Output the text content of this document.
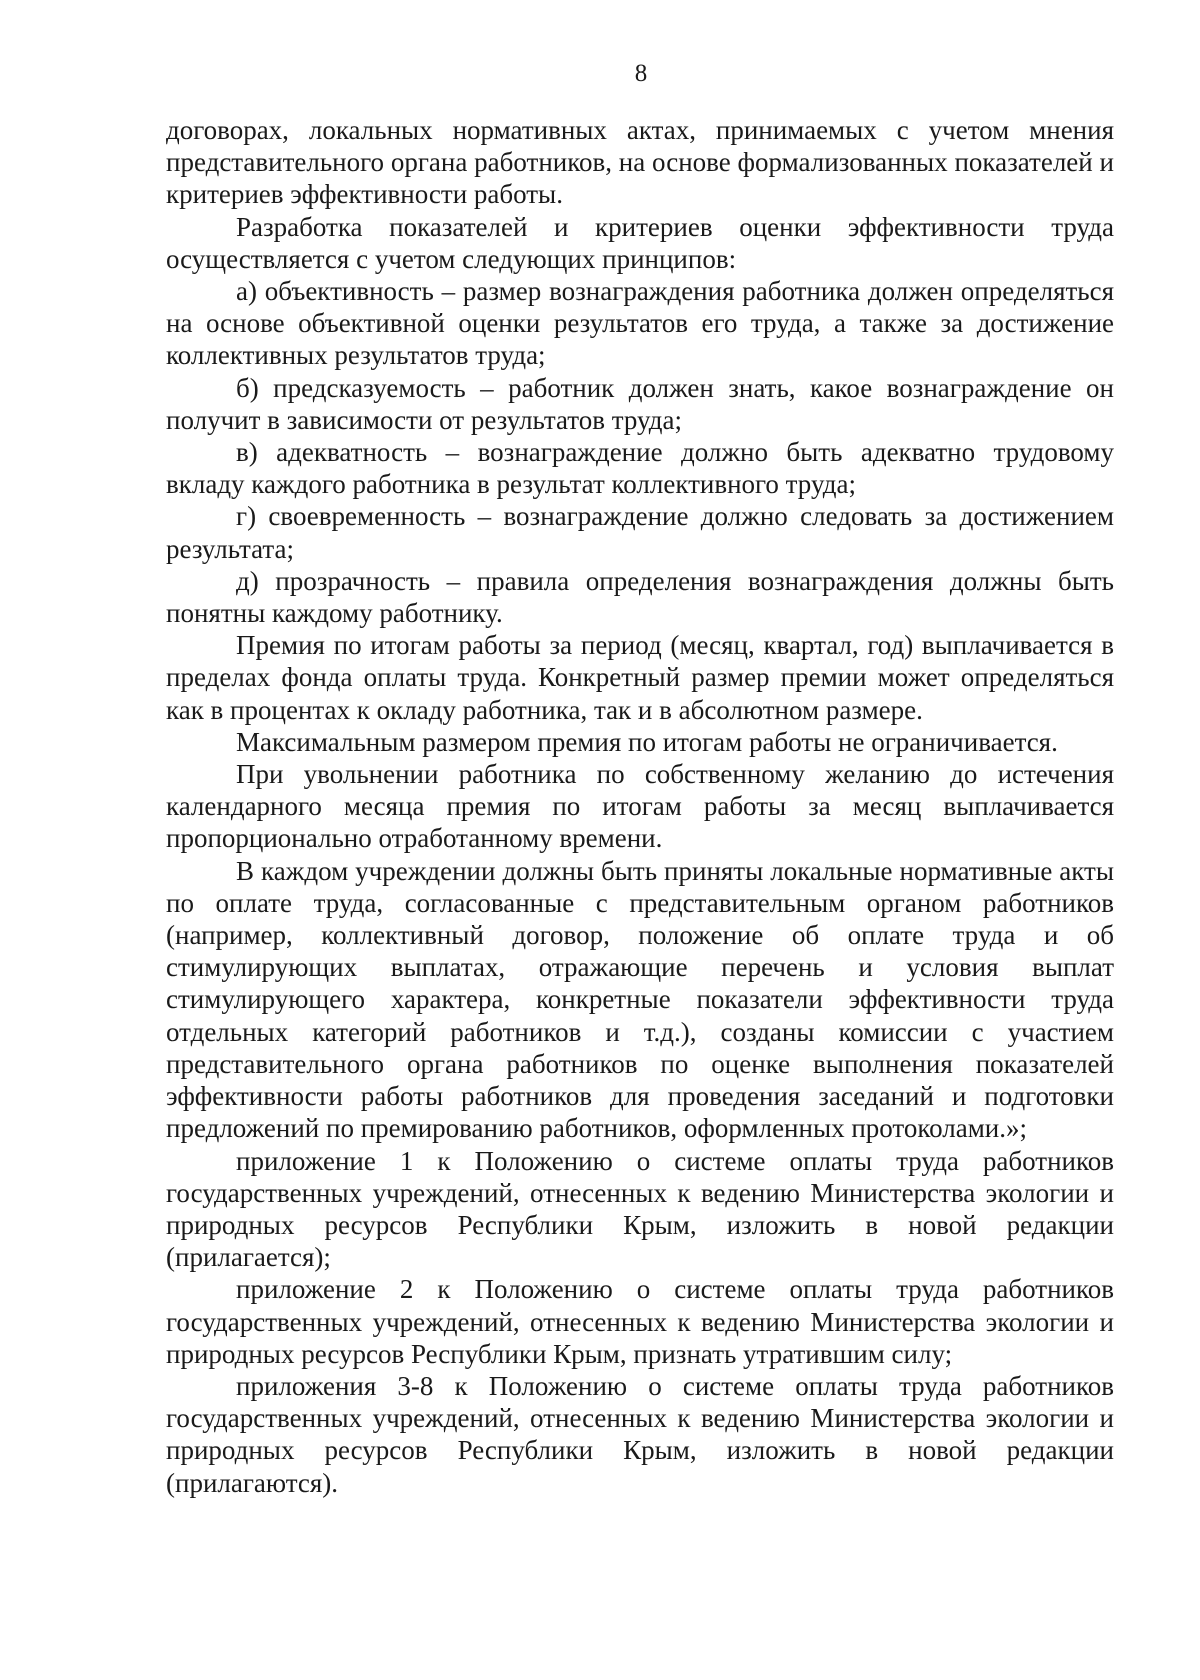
8

договорах, локальных нормативных актах, принимаемых с учетом мнения представительного органа работников, на основе формализованных показателей и критериев эффективности работы.

Разработка показателей и критериев оценки эффективности труда осуществляется с учетом следующих принципов:

а) объективность – размер вознаграждения работника должен определяться на основе объективной оценки результатов его труда, а также за достижение коллективных результатов труда;

б) предсказуемость – работник должен знать, какое вознаграждение он получит в зависимости от результатов труда;

в) адекватность – вознаграждение должно быть адекватно трудовому вкладу каждого работника в результат коллективного труда;

г) своевременность – вознаграждение должно следовать за достижением результата;

д) прозрачность – правила определения вознаграждения должны быть понятны каждому работнику.

Премия по итогам работы за период (месяц, квартал, год) выплачивается в пределах фонда оплаты труда. Конкретный размер премии может определяться как в процентах к окладу работника, так и в абсолютном размере.

Максимальным размером премия по итогам работы не ограничивается.

При увольнении работника по собственному желанию до истечения календарного месяца премия по итогам работы за месяц выплачивается пропорционально отработанному времени.

В каждом учреждении должны быть приняты локальные нормативные акты по оплате труда, согласованные с представительным органом работников (например, коллективный договор, положение об оплате труда и об стимулирующих выплатах, отражающие перечень и условия выплат стимулирующего характера, конкретные показатели эффективности труда отдельных категорий работников и т.д.), созданы комиссии с участием представительного органа работников по оценке выполнения показателей эффективности работы работников для проведения заседаний и подготовки предложений по премированию работников, оформленных протоколами.»;

приложение 1 к Положению о системе оплаты труда работников государственных учреждений, отнесенных к ведению Министерства экологии и природных ресурсов Республики Крым, изложить в новой редакции (прилагается);

приложение 2 к Положению о системе оплаты труда работников государственных учреждений, отнесенных к ведению Министерства экологии и природных ресурсов Республики Крым, признать утратившим силу;

приложения 3-8 к Положению о системе оплаты труда работников государственных учреждений, отнесенных к ведению Министерства экологии и природных ресурсов Республики Крым, изложить в новой редакции (прилагаются).
